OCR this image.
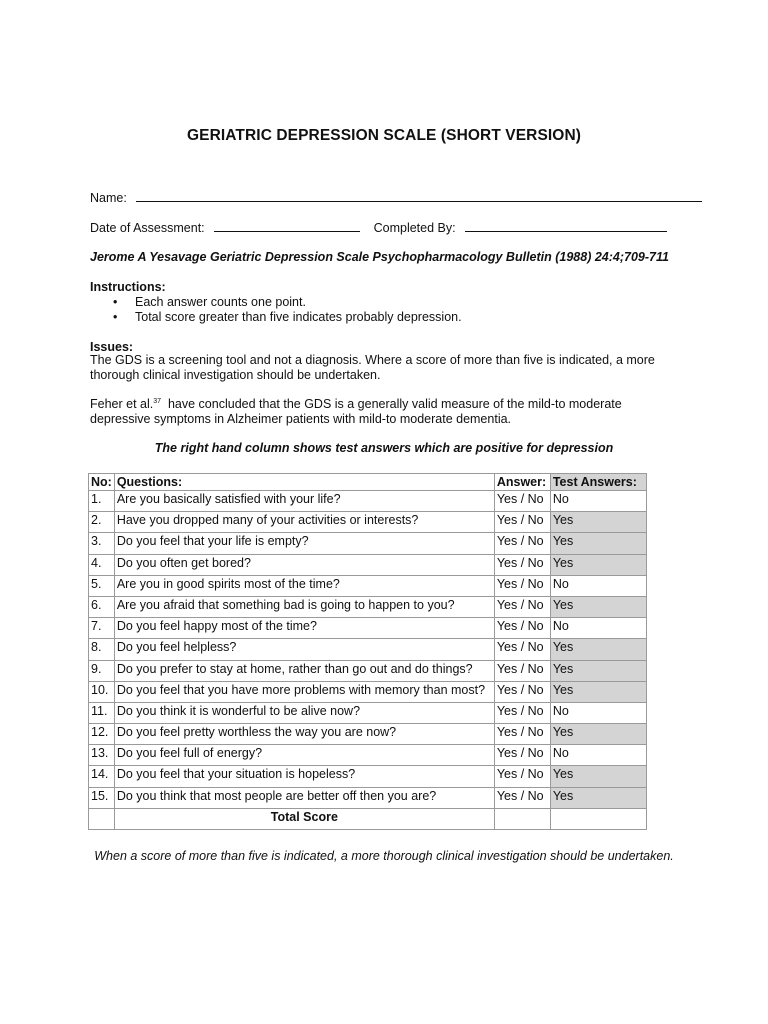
GERIATRIC DEPRESSION SCALE (SHORT VERSION)
Name:
Date of Assessment:	Completed By:
Jerome A Yesavage Geriatric Depression Scale Psychopharmacology Bulletin (1988) 24:4;709-711
Instructions:
• Each answer counts one point.
• Total score greater than five indicates probably depression.
Issues:
The GDS is a screening tool and not a diagnosis. Where a score of more than five is indicated, a more
thorough clinical investigation should be undertaken.
Feher et al.$^{37}$  have concluded that the GDS is a generally valid measure of the mild-to moderate
depressive symptoms in Alzheimer patients with mild-to moderate dementia.
The right hand column shows test answers which are positive for depression
No:	Questions:	Answer:	Test Answers:
1.	Are you basically satisfied with your life?	Yes / No	No
2.	Have you dropped many of your activities or interests?	Yes / No	Yes
3.	Do you feel that your life is empty?	Yes / No	Yes
4.	Do you often get bored?	Yes / No	Yes
5.	Are you in good spirits most of the time?	Yes / No	No
6.	Are you afraid that something bad is going to happen to you?	Yes / No	Yes
7.	Do you feel happy most of the time?	Yes / No	No
8.	Do you feel helpless?	Yes / No	Yes
9.	Do you prefer to stay at home, rather than go out and do things?	Yes / No	Yes
10.	Do you feel that you have more problems with memory than most?	Yes / No	Yes
11.	Do you think it is wonderful to be alive now?	Yes / No	No
12.	Do you feel pretty worthless the way you are now?	Yes / No	Yes
13.	Do you feel full of energy?	Yes / No	No
14.	Do you feel that your situation is hopeless?	Yes / No	Yes
15.	Do you think that most people are better off then you are?	Yes / No	Yes
	Total Score		
When a score of more than five is indicated, a more thorough clinical investigation should be undertaken.
